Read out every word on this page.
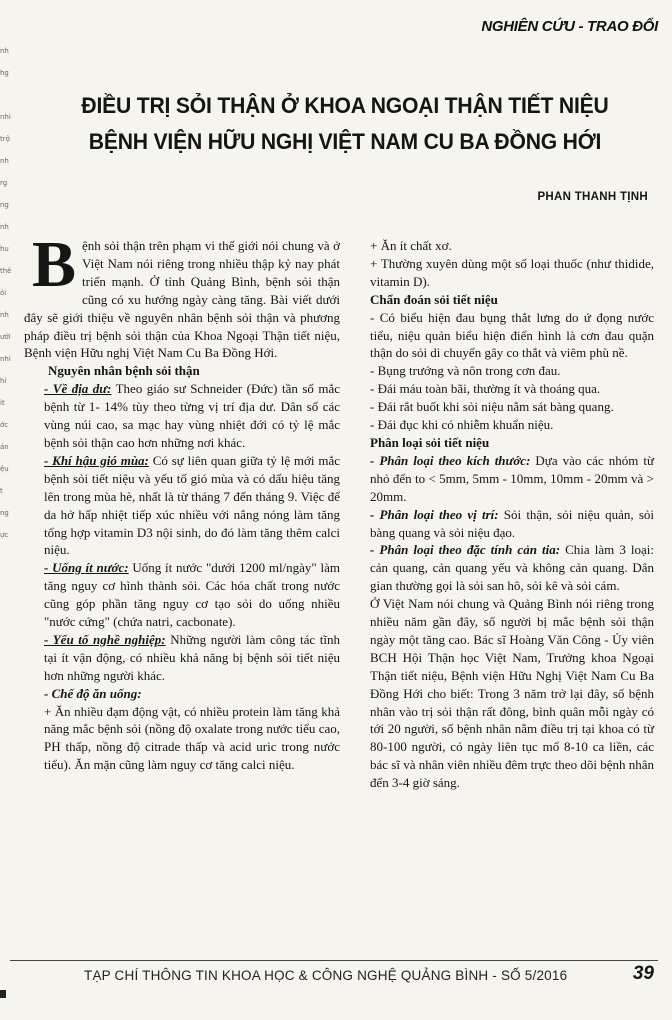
NGHIÊN CỨU - TRAO ĐỔI
nh
hg
nhi
trộ
nh
rg
ng
nh
hu
thê
ỏi
nh
ưới
nhi
hi
it
ớc
án
ệu
t
ng
ực
ĐIỀU TRỊ SỎI THẬN Ở KHOA NGOẠI THẬN TIẾT NIỆU
BỆNH VIỆN HỮU NGHỊ VIỆT NAM CU BA ĐỒNG HỚI
PHAN THANH TỊNH

Bệnh sỏi thận trên phạm vi thế giới nói chung và ở Việt Nam nói riêng trong nhiều thập kỷ nay phát triển mạnh. Ở tỉnh Quảng Bình, bệnh sỏi thận cũng có xu hướng ngày càng tăng. Bài viết dưới đây sẽ giới thiệu về nguyên nhân bệnh sỏi thận và phương pháp điều trị bệnh sỏi thận của Khoa Ngoại Thận tiết niệu, Bệnh viện Hữu nghị Việt Nam Cu Ba Đồng Hới.

Nguyên nhân bệnh sỏi thận

- Về địa dư: Theo giáo sư Schneider (Đức) tần số mắc bệnh từ 1- 14% tùy theo từng vị trí địa dư. Dân số các vùng núi cao, sa mạc hay vùng nhiệt đới có tỷ lệ mắc bệnh sỏi thận cao hơn những nơi khác.

- Khí hậu gió mùa: Có sự liên quan giữa tỷ lệ mới mắc bệnh sỏi tiết niệu và yếu tố gió mùa và có dấu hiệu tăng lên trong mùa hè, nhất là từ tháng 7 đến tháng 9. Việc để da hở hấp nhiệt tiếp xúc nhiều với nắng nóng làm tăng tổng hợp vitamin D3 nội sinh, do đó làm tăng thêm calci niệu.

- Uống ít nước: Uống ít nước "dưới 1200 ml/ngày" làm tăng nguy cơ hình thành sỏi. Các hóa chất trong nước cũng góp phần tăng nguy cơ tạo sỏi do uống nhiều "nước cứng" (chứa natri, cacbonate).

- Yếu tố nghề nghiệp: Những người làm công tác tĩnh tại ít vận động, có nhiều khả năng bị bệnh sỏi tiết niệu hơn những người khác.

- Chế độ ăn uống:

+ Ăn nhiều đạm động vật, có nhiều protein làm tăng khả năng mắc bệnh sỏi (nồng độ oxalate trong nước tiểu cao, PH thấp, nồng độ citrade thấp và acid uric trong nước tiểu). Ăn mặn cũng làm nguy cơ tăng calci niệu.

+ Ăn ít chất xơ.

+ Thường xuyên dùng một số loại thuốc (như thidide, vitamin D).

Chẩn đoán sỏi tiết niệu

- Có biểu hiện đau bụng thắt lưng do ứ đọng nước tiểu, niệu quản biểu hiện điển hình là cơn đau quặn thận do sỏi di chuyển gây co thắt và viêm phù nề.

- Bụng trướng và nôn trong cơn đau.

- Đái máu toàn bãi, thường ít và thoáng qua.

- Đái rắt buốt khi sỏi niệu nằm sát bàng quang.

- Đái đục khi có nhiễm khuẩn niệu.

Phân loại sỏi tiết niệu

- Phân loại theo kích thước: Dựa vào các nhóm từ nhỏ đến to < 5mm, 5mm - 10mm, 10mm - 20mm và > 20mm.

- Phân loại theo vị trí: Sỏi thận, sỏi niệu quản, sỏi bàng quang và sỏi niệu đạo.

- Phân loại theo đặc tính cản tia: Chia làm 3 loại: cản quang, cản quang yếu và không cản quang. Dân gian thường gọi là sỏi san hô, sỏi kê và sỏi cám.

Ở Việt Nam nói chung và Quảng Bình nói riêng trong nhiều năm gần đây, số người bị mắc bệnh sỏi thận ngày một tăng cao. Bác sĩ Hoàng Văn Công - Ủy viên BCH Hội Thận học Việt Nam, Trưởng khoa Ngoại Thận tiết niệu, Bệnh viện Hữu Nghị Việt Nam Cu Ba Đồng Hới cho biết: Trong 3 năm trở lại đây, số bệnh nhân vào trị sỏi thận rất đông, bình quân mỗi ngày có tới 20 người, số bệnh nhân nằm điều trị tại khoa có từ 80-100 người, có ngày liên tục mổ 8-10 ca liền, các bác sĩ và nhân viên nhiều đêm trực theo dõi bệnh nhân đến 3-4 giờ sáng.

TẠP CHÍ THÔNG TIN KHOA HỌC & CÔNG NGHỆ QUẢNG BÌNH - SỐ 5/2016	39
